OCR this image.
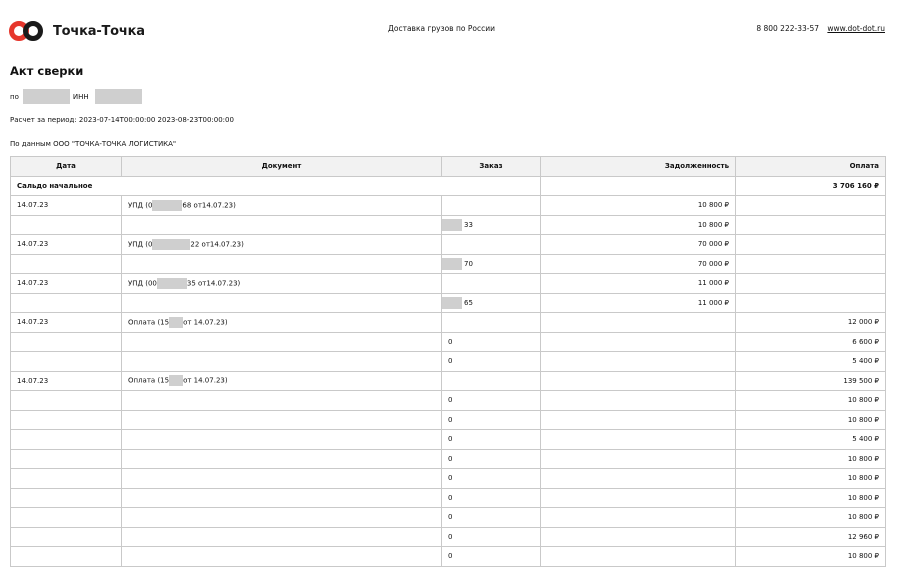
Точка-Точка	Доставка грузов по России	8 800 222-33-57 www.dot-dot.ru
Акт сверки
по	ИНН
Расчет за период: 2023-07-14T00:00:00 2023-08-23T00:00:00
По данным ООО "ТОЧКА-ТОЧКА ЛОГИСТИКА"
Дата	Документ	Заказ	Задолженность	Оплата
Сальдо начальное				3 706 160 ₽
14.07.23	УПД (0 68 от14.07.23)		10 800 ₽	
		33	10 800 ₽	
14.07.23	УПД (0 22 от14.07.23)		70 000 ₽	
		70	70 000 ₽	
14.07.23	УПД (00 35 от14.07.23)		11 000 ₽	
		65	11 000 ₽	
14.07.23	Оплата (15 от 14.07.23)			12 000 ₽
		0		6 600 ₽
		0		5 400 ₽
14.07.23	Оплата (15 от 14.07.23)			139 500 ₽
		0		10 800 ₽
		0		10 800 ₽
		0		5 400 ₽
		0		10 800 ₽
		0		10 800 ₽
		0		10 800 ₽
		0		10 800 ₽
		0		12 960 ₽
		0		10 800 ₽
